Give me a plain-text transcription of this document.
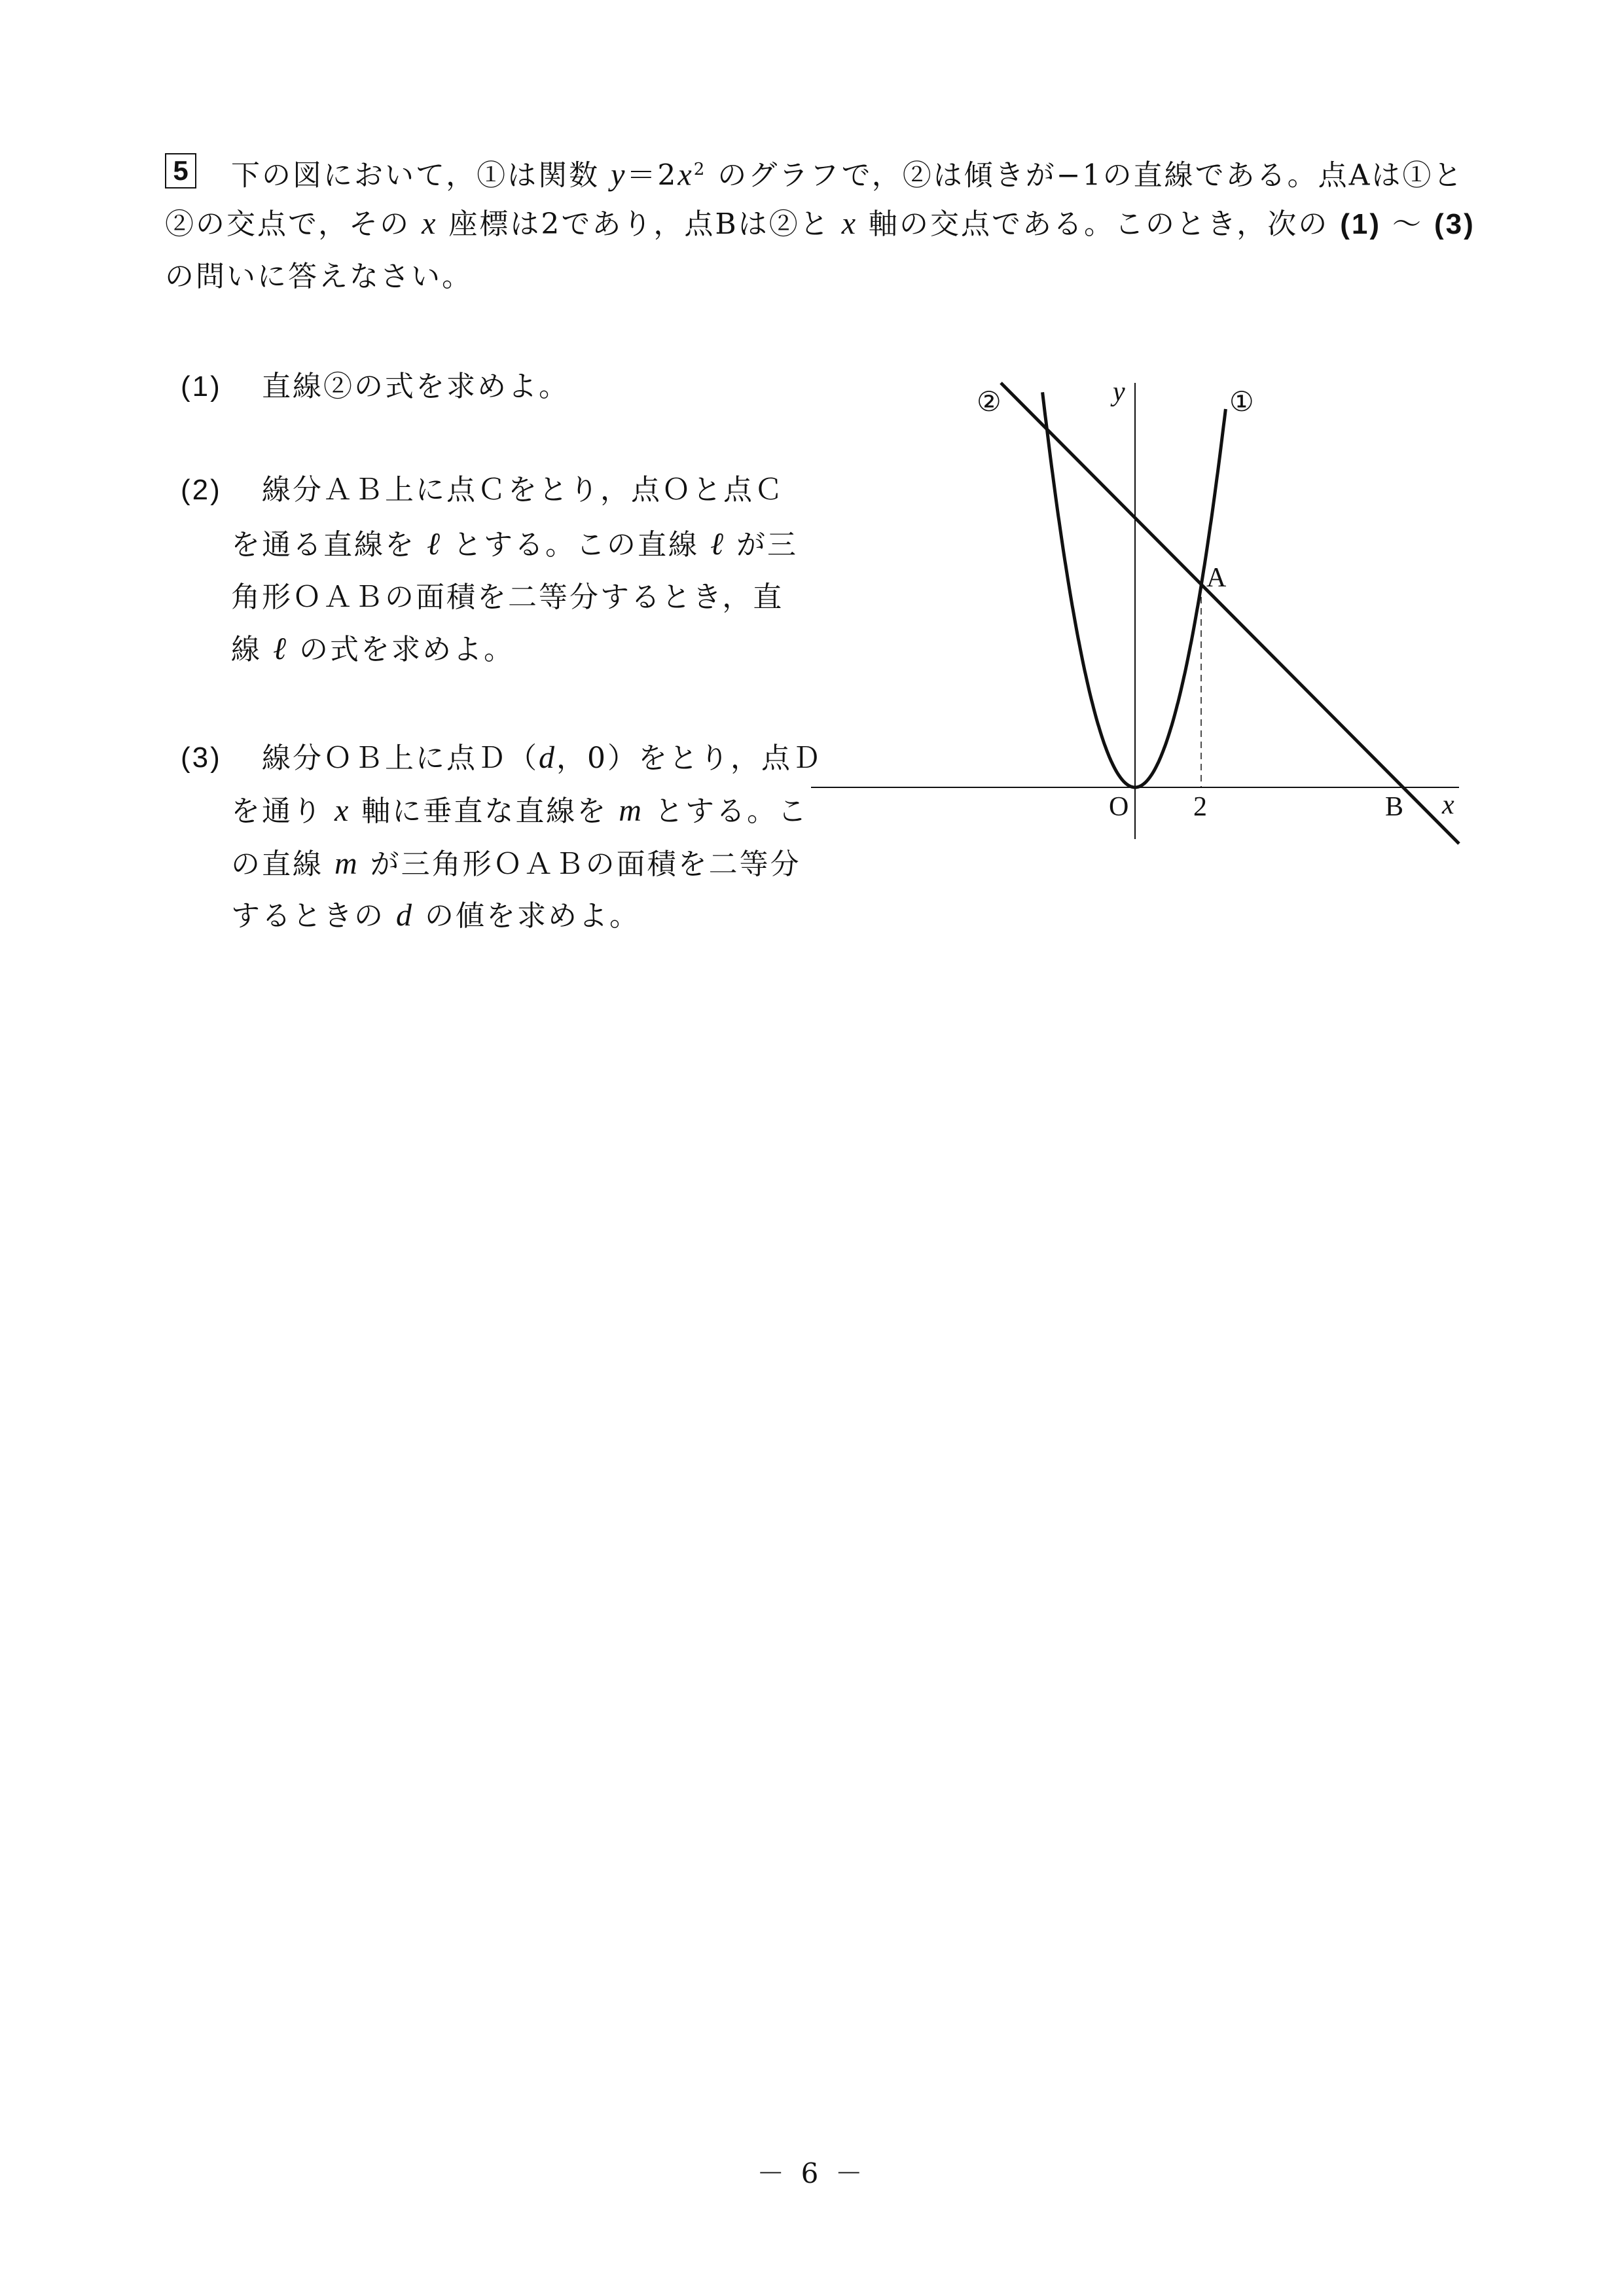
5 下の図において，①は関数 $y=2x^2$ のグラフで，②は傾きが−1の直線である。点Aは①と
②の交点で，その x 座標は2であり，点Bは②と x 軸の交点である。このとき，次の (1) ～ (3)
の問いに答えなさい。
(1) 直線②の式を求めよ。
(2) 線分ＡＢ上に点Ｃをとり，点Ｏと点Ｃ
を通る直線を ℓ とする。この直線 ℓ が三
角形ＯＡＢの面積を二等分するとき，直
線 ℓ の式を求めよ。
(3) 線分ＯＢ上に点Ｄ（d，0）をとり，点Ｄ
を通り x 軸に垂直な直線を m とする。こ
の直線 m が三角形ＯＡＢの面積を二等分
するときの d の値を求めよ。
②	①
y
x
A
O 2	B
－ 6 －
